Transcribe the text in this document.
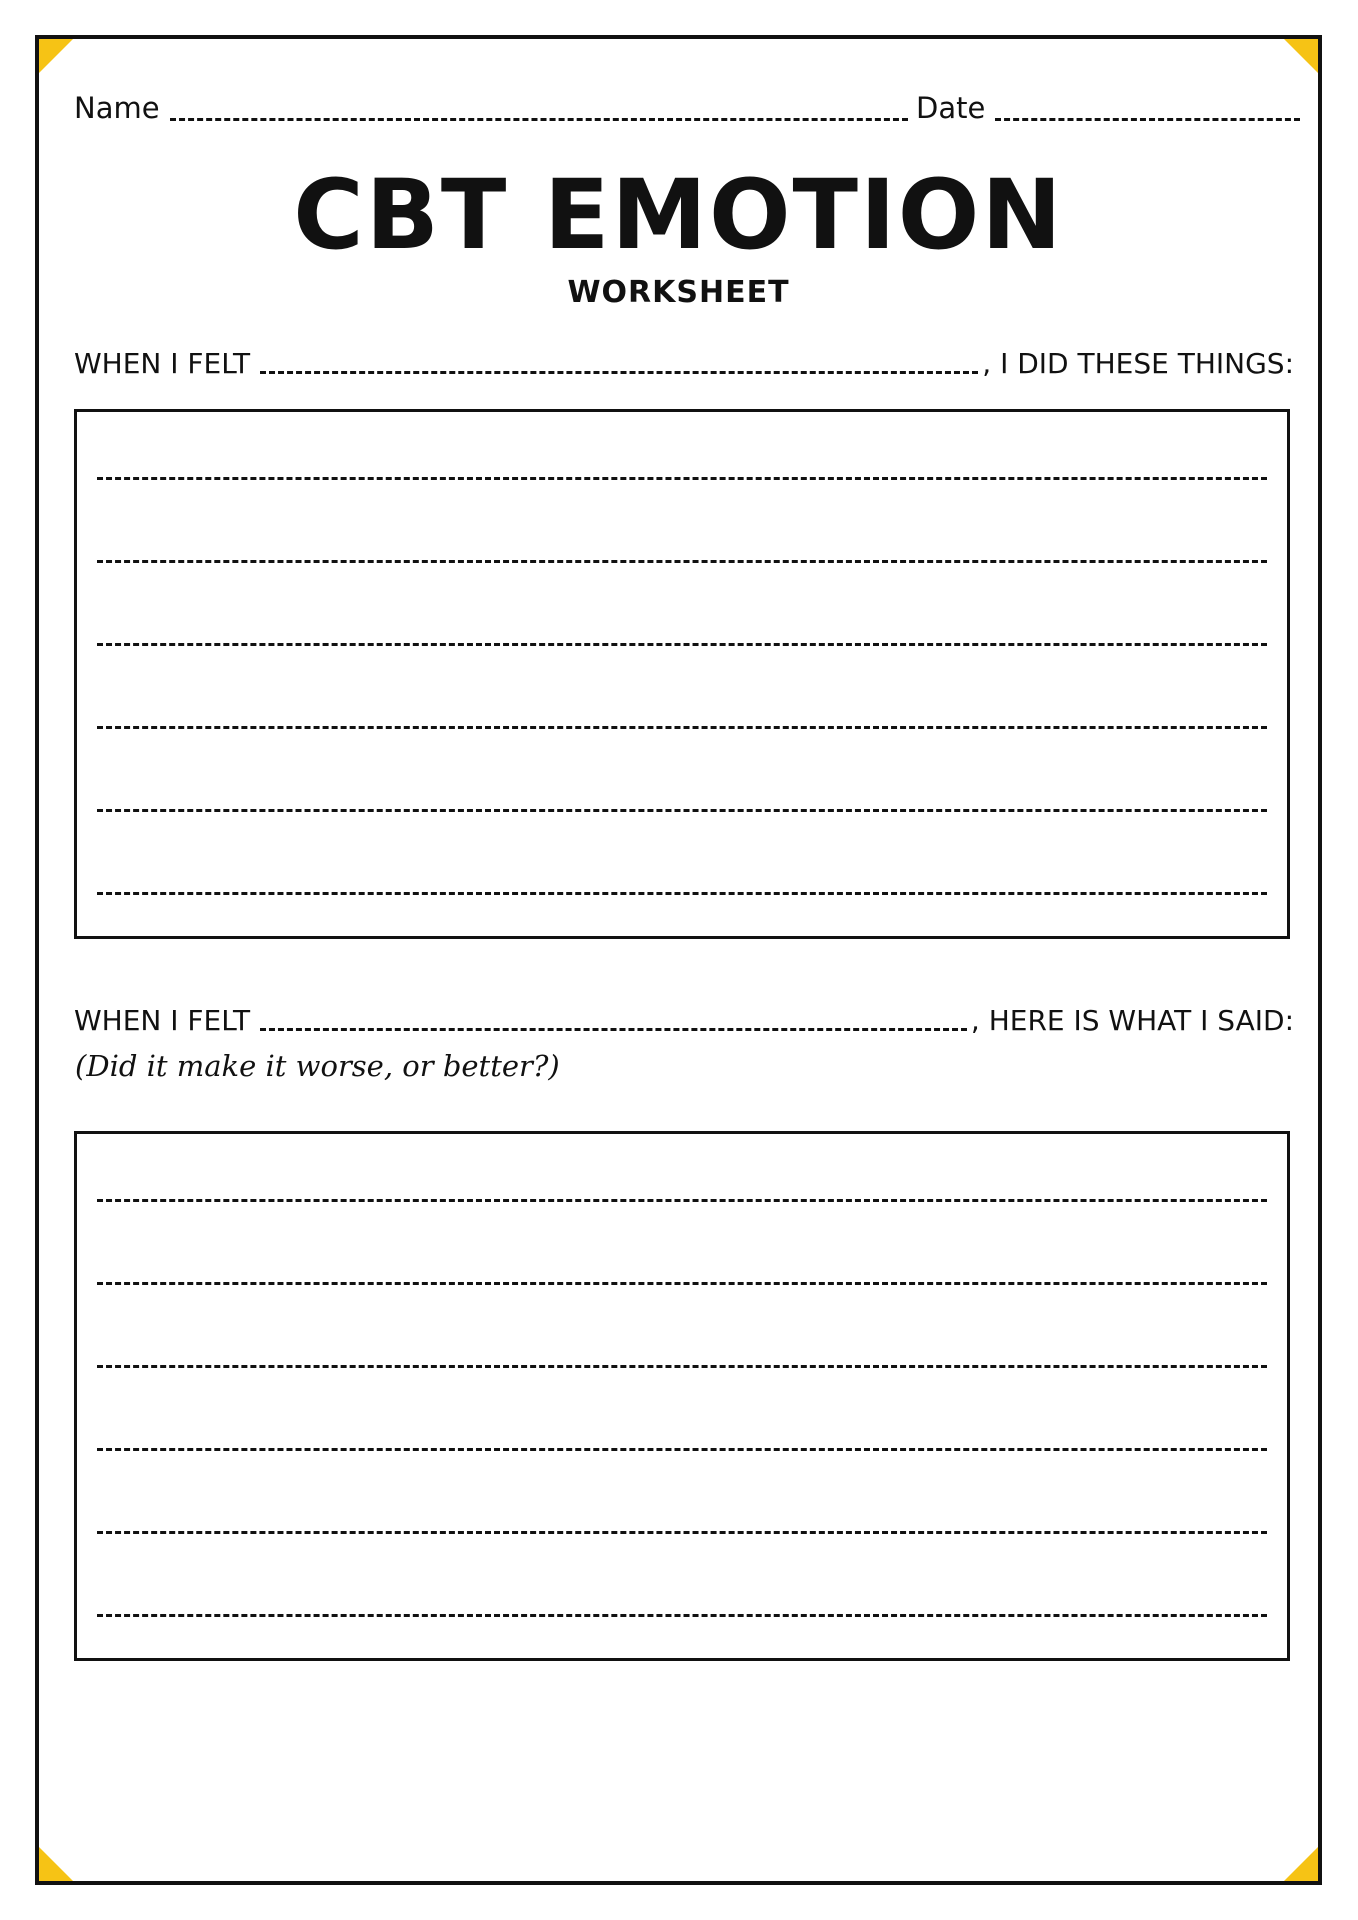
Name	Date
CBT EMOTION
WORKSHEET
WHEN I FELT	, I DID THESE THINGS:
WHEN I FELT	, HERE IS WHAT I SAID:
(Did it make it worse, or better?)
